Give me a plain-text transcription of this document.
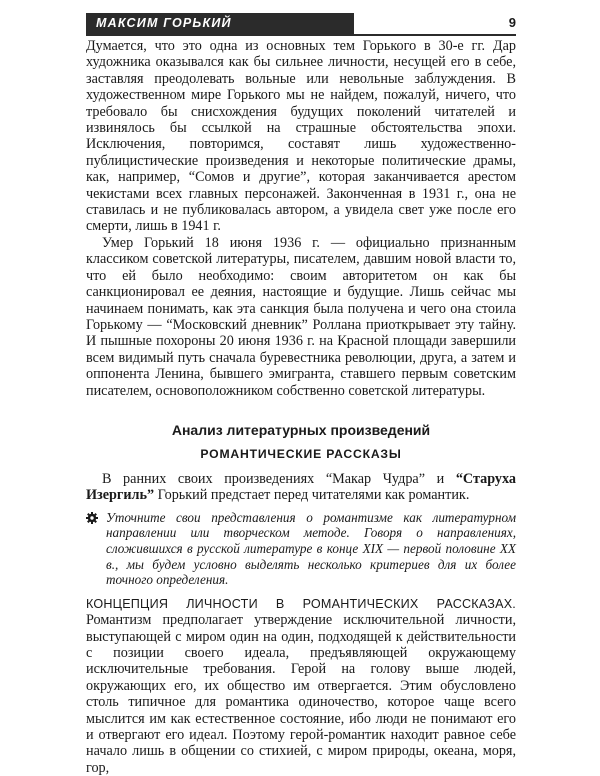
МАКСИМ ГОРЬКИЙ	9

Думается, что это одна из основных тем Горького в 30-е гг. Дар художника оказывался как бы сильнее личности, несущей его в себе, заставляя преодолевать вольные или невольные заблуждения. В художественном мире Горького мы не найдем, пожалуй, ничего, что требовало бы снисхождения будущих поколений читателей и извинялось бы ссылкой на страшные обстоятельства эпохи. Исключения, повторимся, составят лишь художественно-публицистические произведения и некоторые политические драмы, как, например, “Сомов и другие”, которая заканчивается арестом чекистами всех главных персонажей. Законченная в 1931 г., она не ставилась и не публиковалась автором, а увидела свет уже после его смерти, лишь в 1941 г.

Умер Горький 18 июня 1936 г. — официально признанным классиком советской литературы, писателем, давшим новой власти то, что ей было необходимо: своим авторитетом он как бы санкционировал ее деяния, настоящие и будущие. Лишь сейчас мы начинаем понимать, как эта санкция была получена и чего она стоила Горькому — “Московский дневник” Роллана приоткрывает эту тайну. И пышные похороны 20 июня 1936 г. на Красной площади завершили всем видимый путь сначала буревестника революции, друга, а затем и оппонента Ленина, бывшего эмигранта, ставшего первым советским писателем, основоположником собственно советской литературы.

Анализ литературных произведений
РОМАНТИЧЕСКИЕ РАССКАЗЫ

В ранних своих произведениях “Макар Чудра” и “Старуха Изергиль” Горький предстает перед читателями как романтик.

Уточните свои представления о романтизме как литературном направлении или творческом методе. Говоря о направлениях, сложившихся в русской литературе в конце XIX — первой половине XX в., мы будем условно выделять несколько критериев для их более точного определения.

КОНЦЕПЦИЯ ЛИЧНОСТИ В РОМАНТИЧЕСКИХ РАССКАЗАХ. Романтизм предполагает утверждение исключительной личности, выступающей с миром один на один, подходящей к действительности с позиции своего идеала, предъявляющей окружающему исключительные требования. Герой на голову выше людей, окружающих его, их общество им отвергается. Этим обусловлено столь типичное для романтика одиночество, которое чаще всего мыслится им как естественное состояние, ибо люди не понимают его и отвергают его идеал. Поэтому герой-романтик находит равное себе начало лишь в общении со стихией, с миром природы, океана, моря, гор,
